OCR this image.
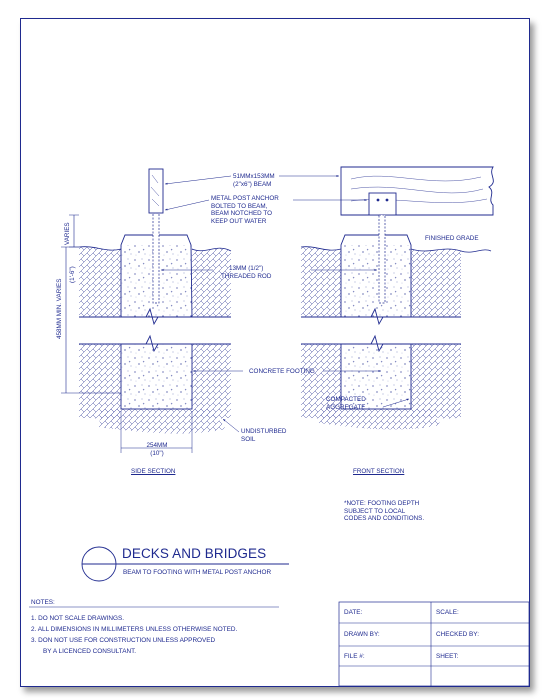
51MMx153MM
(2"x6") BEAM
METAL POST ANCHOR
BOLTED TO BEAM,
BEAM NOTCHED TO
KEEP OUT WATER
FINISHED GRADE
13MM (1/2")
THREADED ROD
VARIES
458MM MIN. VARIES
(1'-6")
CONCRETE FOOTING
COMPACTED
AGGREGATE
UNDISTURBED
SOIL
254MM
(10")
SIDE SECTION	FRONT SECTION
*NOTE: FOOTING DEPTH
SUBJECT TO LOCAL
CODES AND CONDITIONS.
DECKS AND BRIDGES
BEAM TO FOOTING WITH METAL POST ANCHOR
NOTES:
1. DO NOT SCALE DRAWINGS.
2. ALL DIMENSIONS IN MILLIMETERS UNLESS OTHERWISE NOTED.
3. DON NOT USE FOR CONSTRUCTION UNLESS APPROVED
BY A LICENCED CONSULTANT.
DATE:	SCALE:
DRAWN BY:	CHECKED BY:
FILE #:	SHEET:
